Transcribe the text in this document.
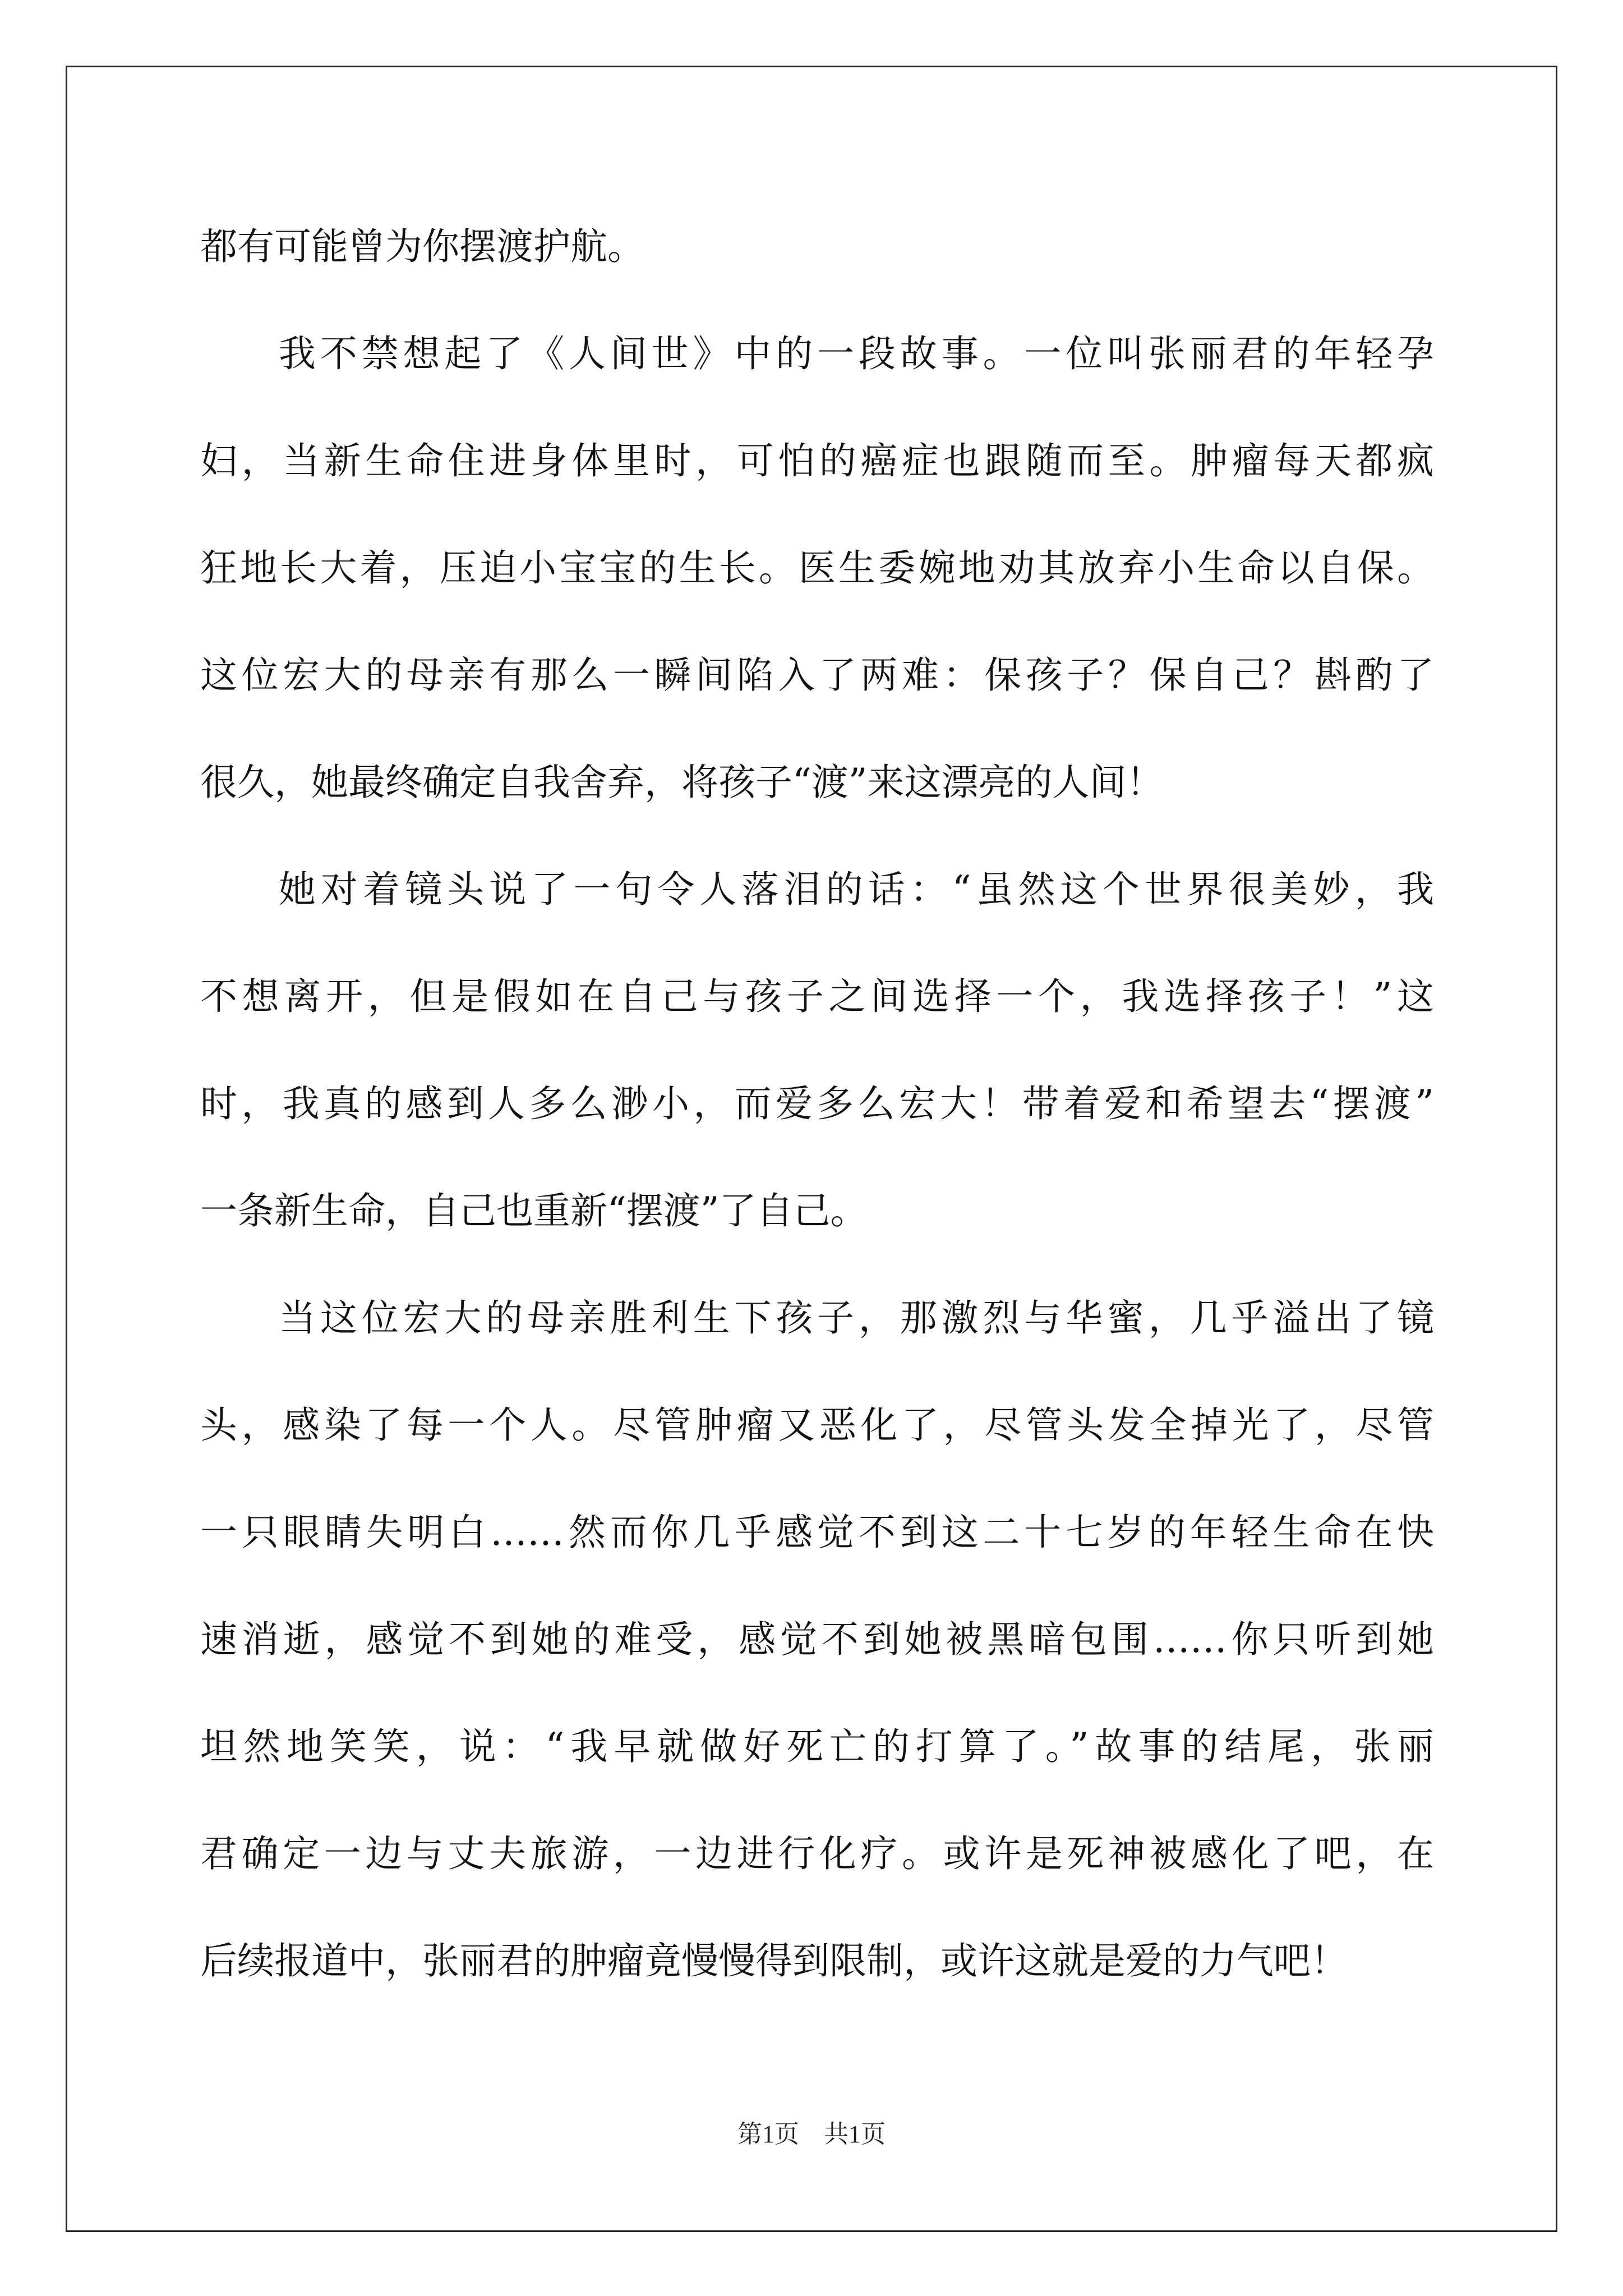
都有可能曾为你摆渡护航。
我不禁想起了《人间世》中的一段故事。一位叫张丽君的年轻孕
妇，当新生命住进身体里时，可怕的癌症也跟随而至。肿瘤每天都疯
狂地长大着，压迫小宝宝的生长。医生委婉地劝其放弃小生命以自保。
这位宏大的母亲有那么一瞬间陷入了两难：保孩子？保自己？斟酌了
很久，她最终确定自我舍弃，将孩子“渡”来这漂亮的人间！
她对着镜头说了一句令人落泪的话：“虽然这个世界很美妙，我
不想离开，但是假如在自己与孩子之间选择一个，我选择孩子！”这
时，我真的感到人多么渺小，而爱多么宏大！带着爱和希望去“摆渡”
一条新生命，自己也重新“摆渡”了自己。
当这位宏大的母亲胜利生下孩子，那激烈与华蜜，几乎溢出了镜
头，感染了每一个人。尽管肿瘤又恶化了，尽管头发全掉光了，尽管
一只眼睛失明白……然而你几乎感觉不到这二十七岁的年轻生命在快
速消逝，感觉不到她的难受，感觉不到她被黑暗包围……你只听到她
坦然地笑笑，说：“我早就做好死亡的打算了。”故事的结尾，张丽
君确定一边与丈夫旅游，一边进行化疗。或许是死神被感化了吧，在
后续报道中，张丽君的肿瘤竟慢慢得到限制，或许这就是爱的力气吧！
第1页 共1页
